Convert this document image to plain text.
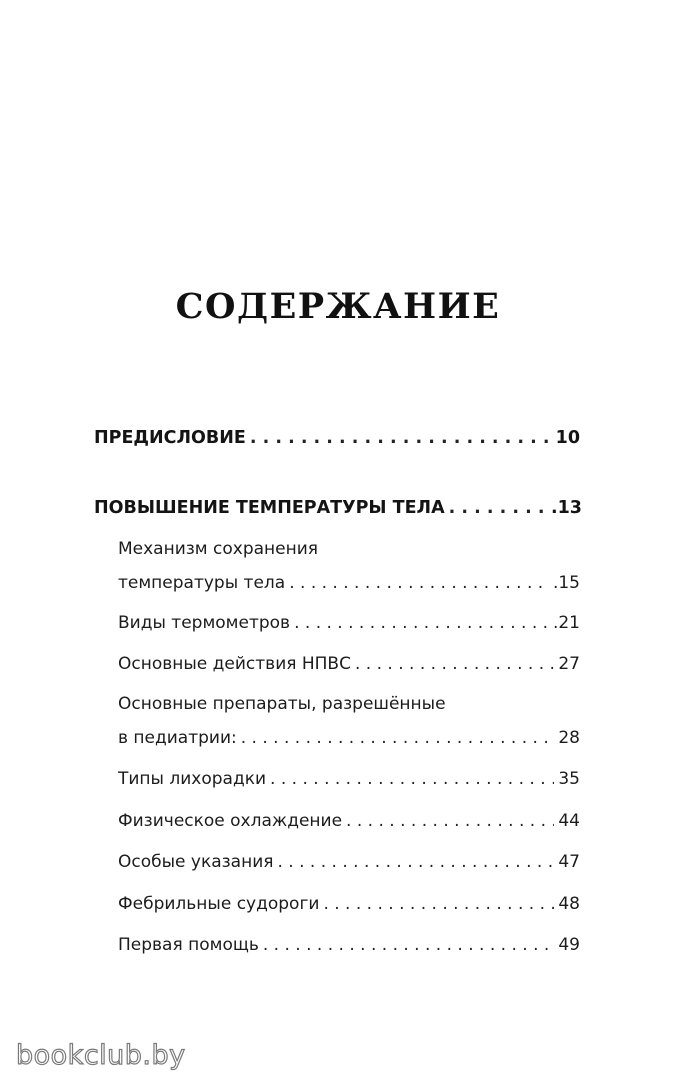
СОДЕРЖАНИЕ
ПРЕДИСЛОВИЕ . . .	10
ПОВЫШЕНИЕ ТЕМПЕРАТУРЫ ТЕЛА . . .	.13
Механизм сохранения
температуры тела . . .	.15
Виды термометров . . .	.21
Основные действия НПВС . . .	27
Основные препараты, разрешённые
в педиатрии: . . .	28
Типы лихорадки . . .	35
Физическое охлаждение . . .	44
Особые указания . . .	47
Фебрильные судороги . . .	48
Первая помощь . . .	49
bookclub.by
